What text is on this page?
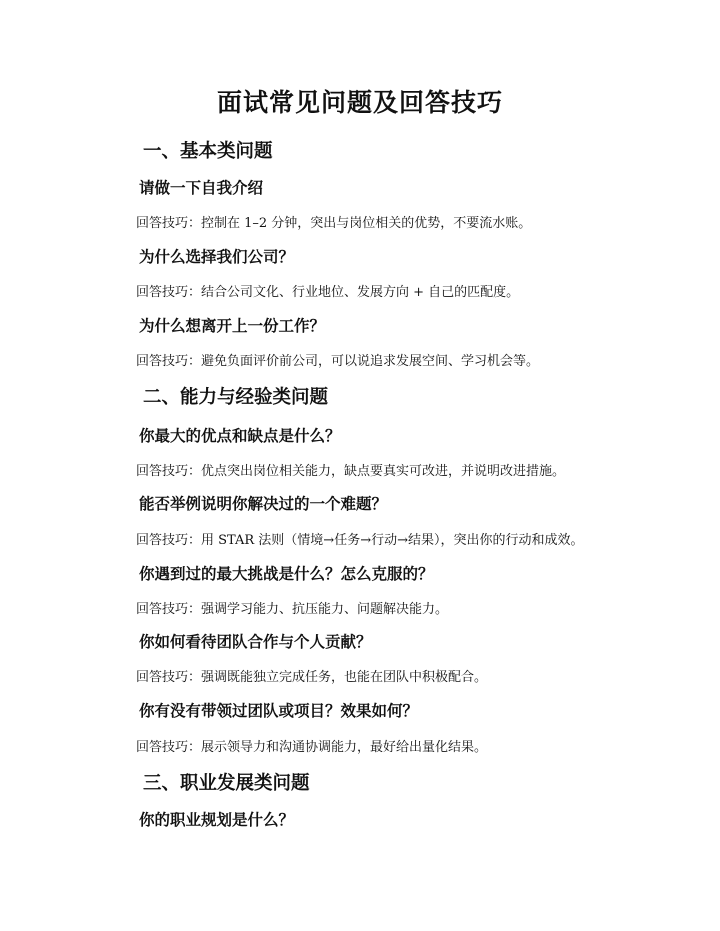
面试常见问题及回答技巧
一、基本类问题
请做一下自我介绍

回答技巧：控制在 1–2 分钟，突出与岗位相关的优势，不要流水账。

为什么选择我们公司？

回答技巧：结合公司文化、行业地位、发展方向 + 自己的匹配度。

为什么想离开上一份工作？

回答技巧：避免负面评价前公司，可以说追求发展空间、学习机会等。

二、能力与经验类问题
你最大的优点和缺点是什么？

回答技巧：优点突出岗位相关能力，缺点要真实可改进，并说明改进措施。

能否举例说明你解决过的一个难题？

回答技巧：用 STAR 法则（情境→任务→行动→结果），突出你的行动和成效。

你遇到过的最大挑战是什么？怎么克服的？

回答技巧：强调学习能力、抗压能力、问题解决能力。

你如何看待团队合作与个人贡献？

回答技巧：强调既能独立完成任务，也能在团队中积极配合。

你有没有带领过团队或项目？效果如何？

回答技巧：展示领导力和沟通协调能力，最好给出量化结果。

三、职业发展类问题
你的职业规划是什么？
